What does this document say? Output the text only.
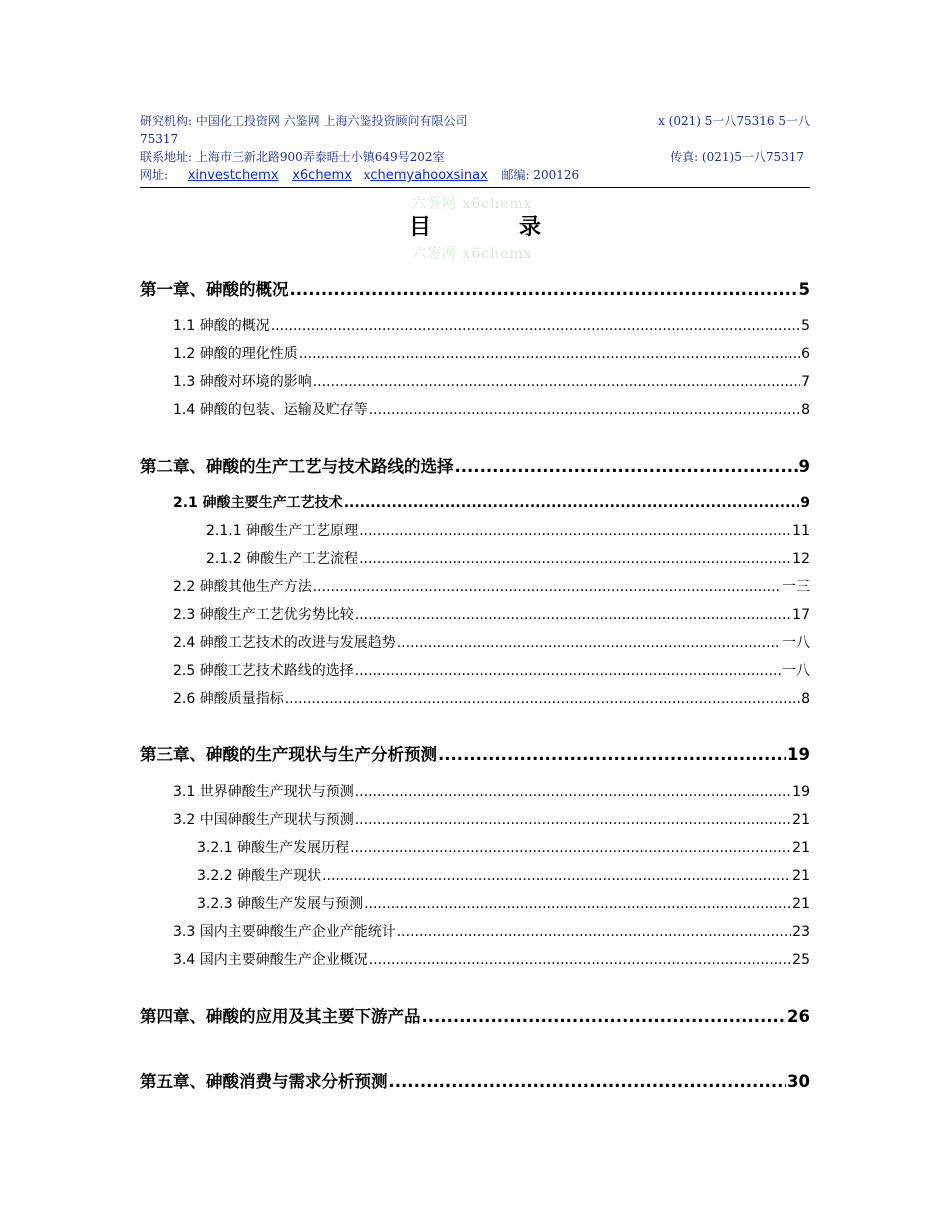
研究机构: 中国化工投资网 六鉴网 上海六鉴投资顾问有限公司	x (021) 5一八75316 5一八
75317
联系地址: 上海市三新北路900弄泰晤士小镇649号202室	传真: (021)5一八75317
网址:  xinvestchemx x6chemx xchemyahooxsinax 邮编: 200126
六鉴网 x6chemx
六鉴网 x6chemx
目	录
第一章、砷酸的概况 .....	5
1.1 砷酸的概况 .....	5
1.2 砷酸的理化性质 .....	6
1.3 砷酸对环境的影响 .....	7
1.4 砷酸的包装、运输及贮存等 .....	8
第二章、砷酸的生产工艺与技术路线的选择 .....	9
2.1 砷酸主要生产工艺技术 .....	9
2.1.1 砷酸生产工艺原理 .....	11
2.1.2 砷酸生产工艺流程 .....	12
2.2 砷酸其他生产方法 .....	一三
2.3 砷酸生产工艺优劣势比较 .....	17
2.4 砷酸工艺技术的改进与发展趋势 .....	一八
2.5 砷酸工艺技术路线的选择 .....	一八
2.6 砷酸质量指标 .....	8
第三章、砷酸的生产现状与生产分析预测 .....	19
3.1 世界砷酸生产现状与预测 .....	19
3.2 中国砷酸生产现状与预测 .....	21
3.2.1 砷酸生产发展历程 .....	21
3.2.2 砷酸生产现状 .....	21
3.2.3 砷酸生产发展与预测 .....	21
3.3 国内主要砷酸生产企业产能统计 .....	23
3.4 国内主要砷酸生产企业概况 .....	25
第四章、砷酸的应用及其主要下游产品 .....	26
第五章、砷酸消费与需求分析预测 .....	30
